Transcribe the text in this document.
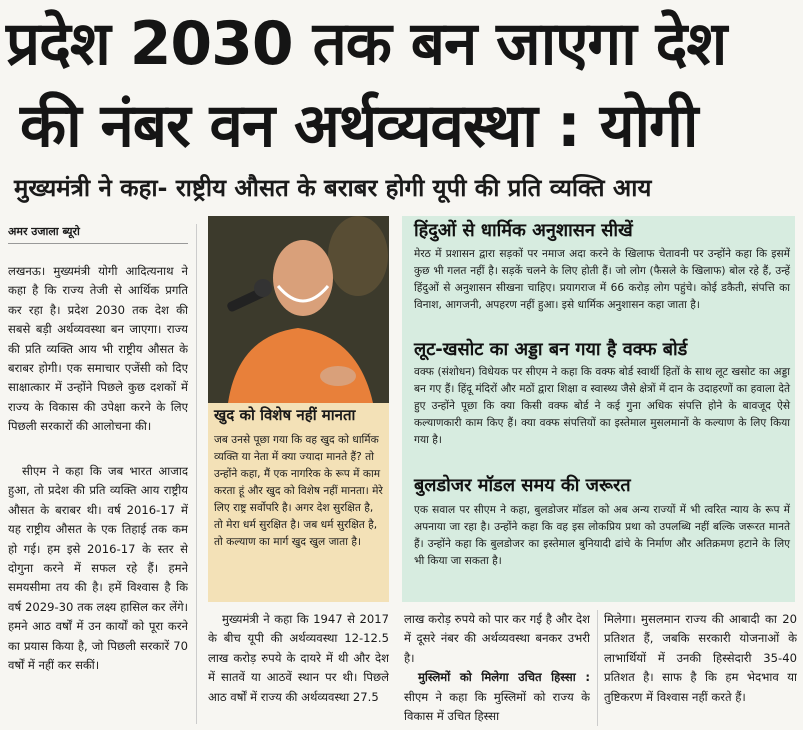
प्रदेश 2030 तक बन जाएगा देश
की नंबर वन अर्थव्यवस्था : योगी
मुख्यमंत्री ने कहा- राष्ट्रीय औसत के बराबर होगी यूपी की प्रति व्यक्ति आय
अमर उजाला ब्यूरो

लखनऊ। मुख्यमंत्री योगी आदित्यनाथ ने कहा है कि राज्य तेजी से आर्थिक प्रगति कर रहा है। प्रदेश 2030 तक देश की सबसे बड़ी अर्थव्यवस्था बन जाएगा। राज्य की प्रति व्यक्ति आय भी राष्ट्रीय औसत के बराबर होगी। एक समाचार एजेंसी को दिए साक्षात्कार में उन्होंने पिछले कुछ दशकों में राज्य के विकास की उपेक्षा करने के लिए पिछली सरकारों की आलोचना की।

सीएम ने कहा कि जब भारत आजाद हुआ, तो प्रदेश की प्रति व्यक्ति आय राष्ट्रीय औसत के बराबर थी। वर्ष 2016-17 में यह राष्ट्रीय औसत के एक तिहाई तक कम हो गई। हम इसे 2016-17 के स्तर से दोगुना करने में सफल रहे हैं। हमने समयसीमा तय की है। हमें विश्वास है कि वर्ष 2029-30 तक लक्ष्य हासिल कर लेंगे। हमने आठ वर्षों में उन कार्यों को पूरा करने का प्रयास किया है, जो पिछली सरकारें 70 वर्षों में नहीं कर सकीं।

खुद को विशेष नहीं मानता
जब उनसे पूछा गया कि वह खुद को धार्मिक व्यक्ति या नेता में क्या ज्यादा मानते हैं? तो उन्होंने कहा, मैं एक नागरिक के रूप में काम करता हूं और खुद को विशेष नहीं मानता। मेरे लिए राष्ट्र सर्वोपरि है। अगर देश सुरक्षित है, तो मेरा धर्म सुरक्षित है। जब धर्म सुरक्षित है, तो कल्याण का मार्ग खुद खुल जाता है।
हिंदुओं से धार्मिक अनुशासन सीखें
मेरठ में प्रशासन द्वारा सड़कों पर नमाज अदा करने के खिलाफ चेतावनी पर उन्होंने कहा कि इसमें कुछ भी गलत नहीं है। सड़कें चलने के लिए होती हैं। जो लोग (फैसले के खिलाफ) बोल रहे हैं, उन्हें हिंदुओं से अनुशासन सीखना चाहिए। प्रयागराज में 66 करोड़ लोग पहुंचे। कोई डकैती, संपत्ति का विनाश, आगजनी, अपहरण नहीं हुआ। इसे धार्मिक अनुशासन कहा जाता है।
लूट-खसोट का अड्डा बन गया है वक्फ बोर्ड
वक्फ (संशोधन) विधेयक पर सीएम ने कहा कि वक्फ बोर्ड स्वार्थी हितों के साथ लूट खसोट का अड्डा बन गए हैं। हिंदू मंदिरों और मठों द्वारा शिक्षा व स्वास्थ्य जैसे क्षेत्रों में दान के उदाहरणों का हवाला देते हुए उन्होंने पूछा कि क्या किसी वक्फ बोर्ड ने कई गुना अधिक संपत्ति होने के बावजूद ऐसे कल्याणकारी काम किए हैं। क्या वक्फ संपत्तियों का इस्तेमाल मुसलमानों के कल्याण के लिए किया गया है।
बुलडोजर मॉडल समय की जरूरत
एक सवाल पर सीएम ने कहा, बुलडोजर मॉडल को अब अन्य राज्यों में भी त्वरित न्याय के रूप में अपनाया जा रहा है। उन्होंने कहा कि वह इस लोकप्रिय प्रथा को उपलब्धि नहीं बल्कि जरूरत मानते हैं। उन्होंने कहा कि बुलडोजर का इस्तेमाल बुनियादी ढांचे के निर्माण और अतिक्रमण हटाने के लिए भी किया जा सकता है।

मुख्यमंत्री ने कहा कि 1947 से 2017 के बीच यूपी की अर्थव्यवस्था 12-12.5 लाख करोड़ रुपये के दायरे में थी और देश में सातवें या आठवें स्थान पर थी। पिछले आठ वर्षों में राज्य की अर्थव्यवस्था 27.5

लाख करोड़ रुपये को पार कर गई है और देश में दूसरे नंबर की अर्थव्यवस्था बनकर उभरी है।

मुस्लिमों को मिलेगा उचित हिस्सा : सीएम ने कहा कि मुस्लिमों को राज्य के विकास में उचित हिस्सा

मिलेगा। मुसलमान राज्य की आबादी का 20 प्रतिशत हैं, जबकि सरकारी योजनाओं के लाभार्थियों में उनकी हिस्सेदारी 35-40 प्रतिशत है। साफ है कि हम भेदभाव या तुष्टिकरण में विश्वास नहीं करते हैं।
